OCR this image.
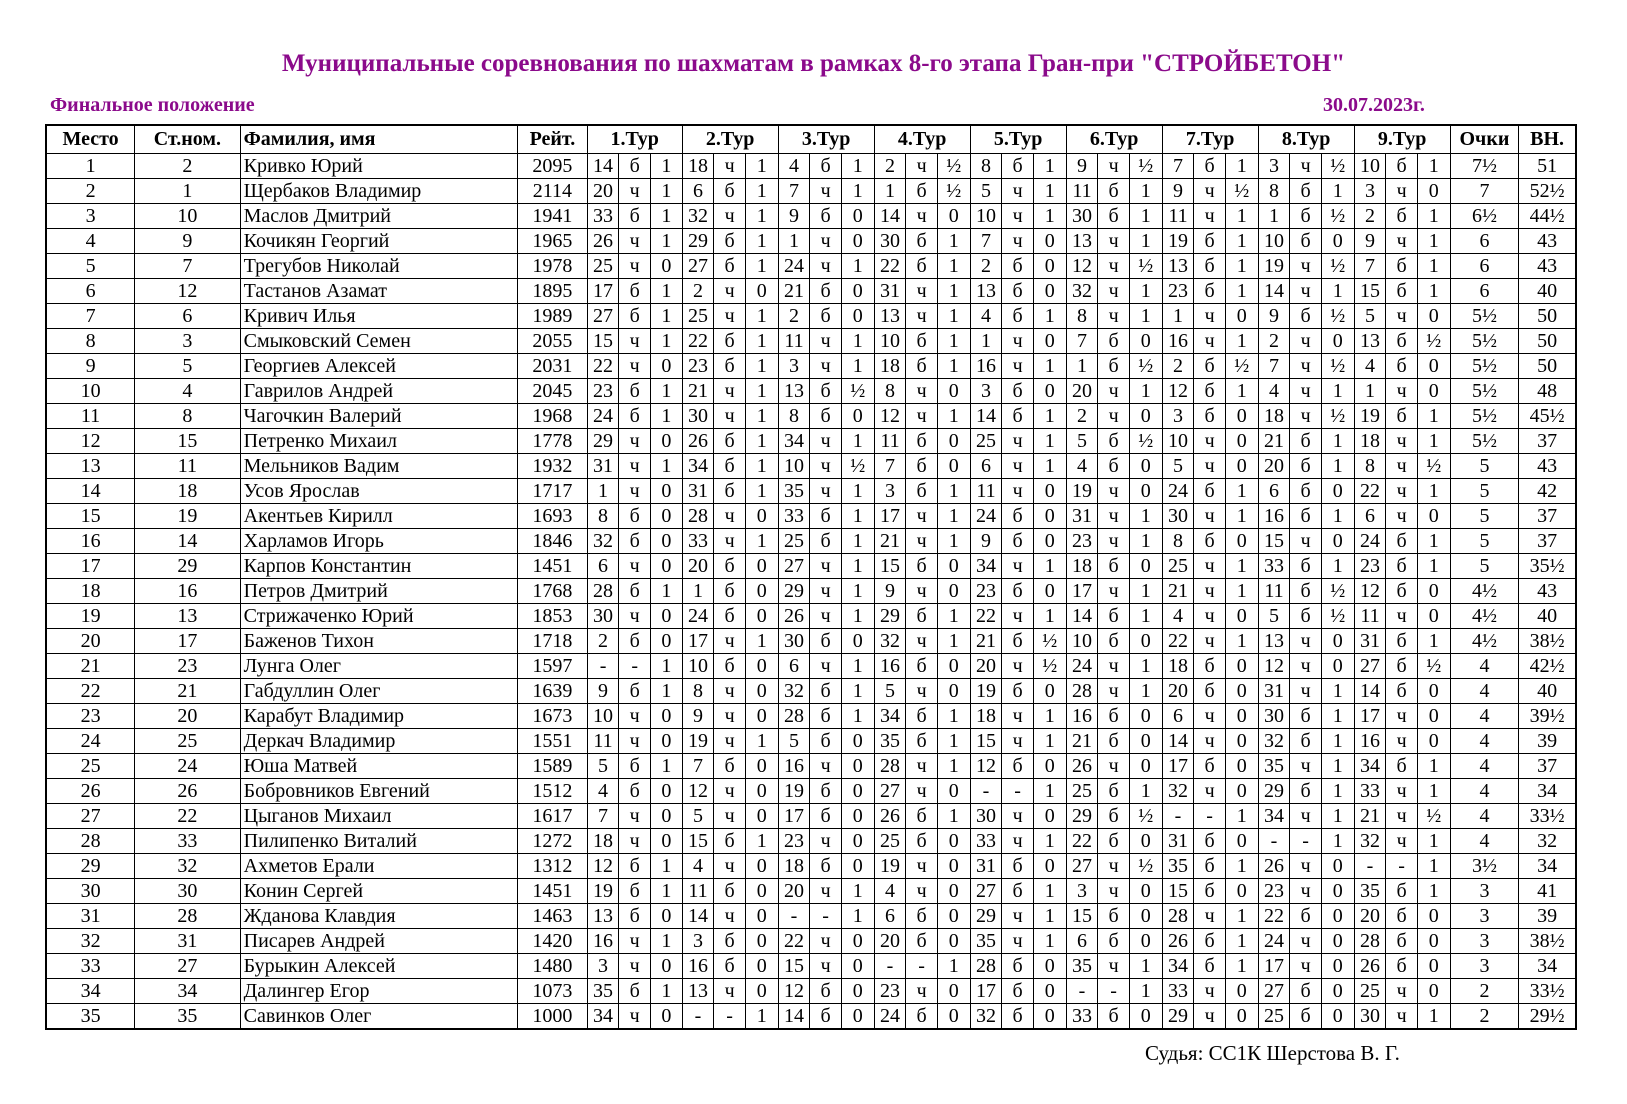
Муниципальные соревнования по шахматам в рамках 8-го этапа Гран-при "СТРОЙБЕТОН"
Финальное положение	30.07.2023г.
Место	Ст.ном.	Фамилия, имя	Рейт.	1.Тур			2.Тур			3.Тур			4.Тур			5.Тур			6.Тур			7.Тур			8.Тур			9.Тур			Очки	ВН.
1	2	Кривко Юрий	2095	14	б	1	18	ч	1	4	б	1	2	ч	½	8	б	1	9	ч	½	7	б	1	3	ч	½	10	б	1	7½	51
2	1	Щербаков Владимир	2114	20	ч	1	6	б	1	7	ч	1	1	б	½	5	ч	1	11	б	1	9	ч	½	8	б	1	3	ч	0	7	52½
3	10	Маслов Дмитрий	1941	33	б	1	32	ч	1	9	б	0	14	ч	0	10	ч	1	30	б	1	11	ч	1	1	б	½	2	б	1	6½	44½
4	9	Кочикян Георгий	1965	26	ч	1	29	б	1	1	ч	0	30	б	1	7	ч	0	13	ч	1	19	б	1	10	б	0	9	ч	1	6	43
5	7	Трегубов Николай	1978	25	ч	0	27	б	1	24	ч	1	22	б	1	2	б	0	12	ч	½	13	б	1	19	ч	½	7	б	1	6	43
6	12	Тастанов Азамат	1895	17	б	1	2	ч	0	21	б	0	31	ч	1	13	б	0	32	ч	1	23	б	1	14	ч	1	15	б	1	6	40
7	6	Кривич Илья	1989	27	б	1	25	ч	1	2	б	0	13	ч	1	4	б	1	8	ч	1	1	ч	0	9	б	½	5	ч	0	5½	50
8	3	Смыковский Семен	2055	15	ч	1	22	б	1	11	ч	1	10	б	1	1	ч	0	7	б	0	16	ч	1	2	ч	0	13	б	½	5½	50
9	5	Георгиев Алексей	2031	22	ч	0	23	б	1	3	ч	1	18	б	1	16	ч	1	1	б	½	2	б	½	7	ч	½	4	б	0	5½	50
10	4	Гаврилов Андрей	2045	23	б	1	21	ч	1	13	б	½	8	ч	0	3	б	0	20	ч	1	12	б	1	4	ч	1	1	ч	0	5½	48
11	8	Чагочкин Валерий	1968	24	б	1	30	ч	1	8	б	0	12	ч	1	14	б	1	2	ч	0	3	б	0	18	ч	½	19	б	1	5½	45½
12	15	Петренко Михаил	1778	29	ч	0	26	б	1	34	ч	1	11	б	0	25	ч	1	5	б	½	10	ч	0	21	б	1	18	ч	1	5½	37
13	11	Мельников Вадим	1932	31	ч	1	34	б	1	10	ч	½	7	б	0	6	ч	1	4	б	0	5	ч	0	20	б	1	8	ч	½	5	43
14	18	Усов Ярослав	1717	1	ч	0	31	б	1	35	ч	1	3	б	1	11	ч	0	19	ч	0	24	б	1	6	б	0	22	ч	1	5	42
15	19	Акентьев Кирилл	1693	8	б	0	28	ч	0	33	б	1	17	ч	1	24	б	0	31	ч	1	30	ч	1	16	б	1	6	ч	0	5	37
16	14	Харламов Игорь	1846	32	б	0	33	ч	1	25	б	1	21	ч	1	9	б	0	23	ч	1	8	б	0	15	ч	0	24	б	1	5	37
17	29	Карпов Константин	1451	6	ч	0	20	б	0	27	ч	1	15	б	0	34	ч	1	18	б	0	25	ч	1	33	б	1	23	б	1	5	35½
18	16	Петров Дмитрий	1768	28	б	1	1	б	0	29	ч	1	9	ч	0	23	б	0	17	ч	1	21	ч	1	11	б	½	12	б	0	4½	43
19	13	Стрижаченко Юрий	1853	30	ч	0	24	б	0	26	ч	1	29	б	1	22	ч	1	14	б	1	4	ч	0	5	б	½	11	ч	0	4½	40
20	17	Баженов Тихон	1718	2	б	0	17	ч	1	30	б	0	32	ч	1	21	б	½	10	б	0	22	ч	1	13	ч	0	31	б	1	4½	38½
21	23	Лунга Олег	1597	-	-	1	10	б	0	6	ч	1	16	б	0	20	ч	½	24	ч	1	18	б	0	12	ч	0	27	б	½	4	42½
22	21	Габдуллин Олег	1639	9	б	1	8	ч	0	32	б	1	5	ч	0	19	б	0	28	ч	1	20	б	0	31	ч	1	14	б	0	4	40
23	20	Карабут Владимир	1673	10	ч	0	9	ч	0	28	б	1	34	б	1	18	ч	1	16	б	0	6	ч	0	30	б	1	17	ч	0	4	39½
24	25	Деркач Владимир	1551	11	ч	0	19	ч	1	5	б	0	35	б	1	15	ч	1	21	б	0	14	ч	0	32	б	1	16	ч	0	4	39
25	24	Юша Матвей	1589	5	б	1	7	б	0	16	ч	0	28	ч	1	12	б	0	26	ч	0	17	б	0	35	ч	1	34	б	1	4	37
26	26	Бобровников Евгений	1512	4	б	0	12	ч	0	19	б	0	27	ч	0	-	-	1	25	б	1	32	ч	0	29	б	1	33	ч	1	4	34
27	22	Цыганов Михаил	1617	7	ч	0	5	ч	0	17	б	0	26	б	1	30	ч	0	29	б	½	-	-	1	34	ч	1	21	ч	½	4	33½
28	33	Пилипенко Виталий	1272	18	ч	0	15	б	1	23	ч	0	25	б	0	33	ч	1	22	б	0	31	б	0	-	-	1	32	ч	1	4	32
29	32	Ахметов Ерали	1312	12	б	1	4	ч	0	18	б	0	19	ч	0	31	б	0	27	ч	½	35	б	1	26	ч	0	-	-	1	3½	34
30	30	Конин Сергей	1451	19	б	1	11	б	0	20	ч	1	4	ч	0	27	б	1	3	ч	0	15	б	0	23	ч	0	35	б	1	3	41
31	28	Жданова Клавдия	1463	13	б	0	14	ч	0	-	-	1	6	б	0	29	ч	1	15	б	0	28	ч	1	22	б	0	20	б	0	3	39
32	31	Писарев Андрей	1420	16	ч	1	3	б	0	22	ч	0	20	б	0	35	ч	1	6	б	0	26	б	1	24	ч	0	28	б	0	3	38½
33	27	Бурыкин Алексей	1480	3	ч	0	16	б	0	15	ч	0	-	-	1	28	б	0	35	ч	1	34	б	1	17	ч	0	26	б	0	3	34
34	34	Далингер Егор	1073	35	б	1	13	ч	0	12	б	0	23	ч	0	17	б	0	-	-	1	33	ч	0	27	б	0	25	ч	0	2	33½
35	35	Савинков Олег	1000	34	ч	0	-	-	1	14	б	0	24	б	0	32	б	0	33	б	0	29	ч	0	25	б	0	30	ч	1	2	29½
Судья: СС1К Шерстова В. Г.
